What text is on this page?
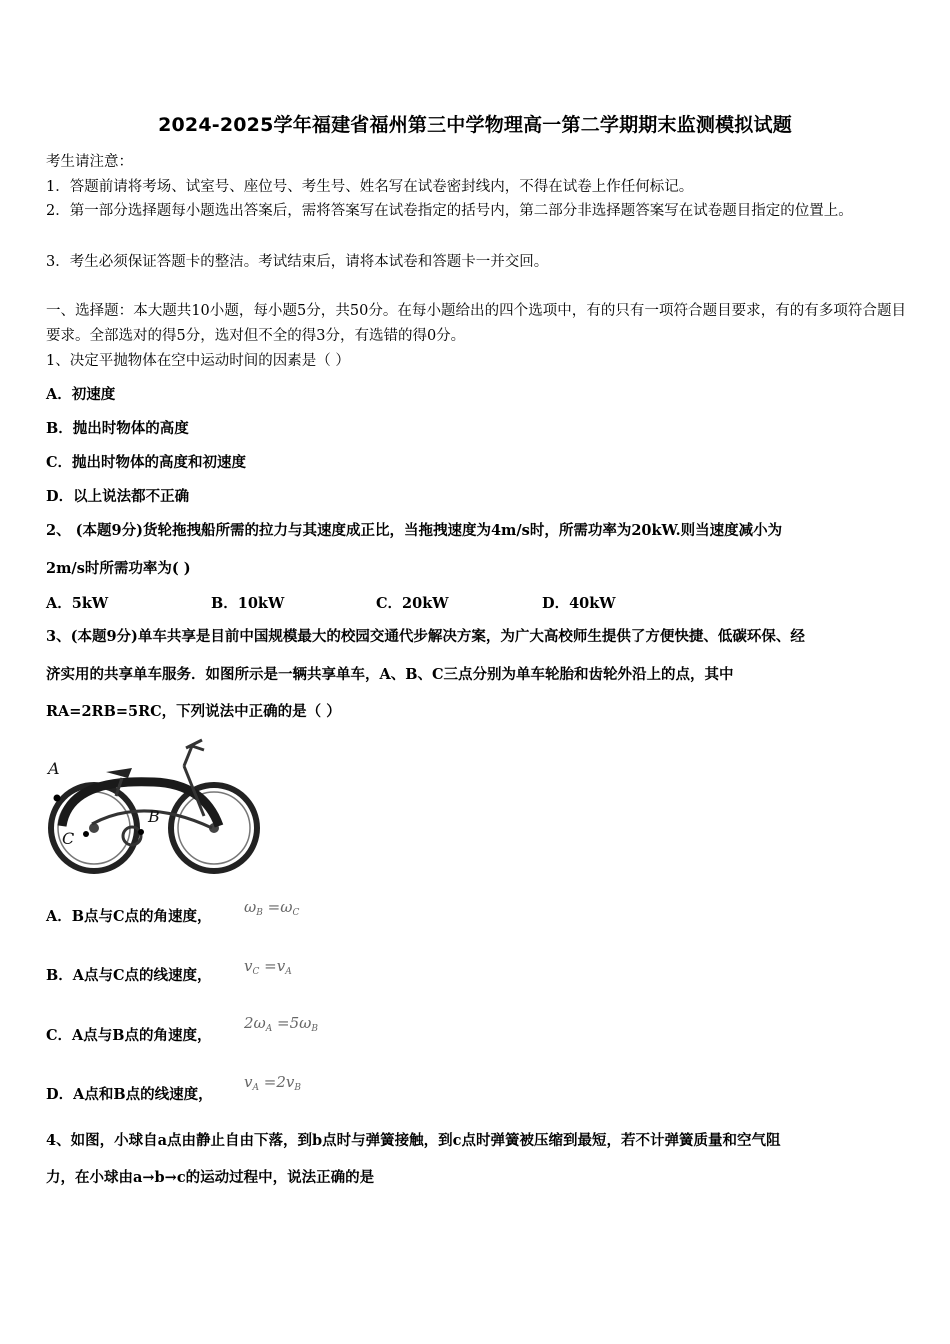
2024-2025学年福建省福州第三中学物理高一第二学期期末监测模拟试题
考生请注意：
1．答题前请将考场、试室号、座位号、考生号、姓名写在试卷密封线内，不得在试卷上作任何标记。
2．第一部分选择题每小题选出答案后，需将答案写在试卷指定的括号内，第二部分非选择题答案写在试卷题目指定的位置上。
3．考生必须保证答题卡的整洁。考试结束后，请将本试卷和答题卡一并交回。
一、选择题：本大题共10小题，每小题5分，共50分。在每小题给出的四个选项中，有的只有一项符合题目要求，有的有多项符合题目要求。全部选对的得5分，选对但不全的得3分，有选错的得0分。
1、决定平抛物体在空中运动时间的因素是（ ）
A．初速度
B．抛出时物体的高度
C．抛出时物体的高度和初速度
D．以上说法都不正确
2、 (本题9分)货轮拖拽船所需的拉力与其速度成正比，当拖拽速度为4m/s时，所需功率为20kW.则当速度减小为
2m/s时所需功率为( )
A．5kW	B．10kW	C．20kW	D．40kW
3、(本题9分)单车共享是目前中国规模最大的校园交通代步解决方案，为广大高校师生提供了方便快捷、低碳环保、经
济实用的共享单车服务．如图所示是一辆共享单车，A、B、C三点分别为单车轮胎和齿轮外沿上的点，其中
RA=2RB=5RC，下列说法中正确的是（ ）
A
B
C
A．B点与C点的角速度，
$\omega_B =\omega_C$
B．A点与C点的线速度，
$v_C =v_A$
C．A点与B点的角速度，
$2\omega_A =5\omega_B$
D．A点和B点的线速度，
$v_A =2v_B$
4、如图，小球自a点由静止自由下落，到b点时与弹簧接触，到c点时弹簧被压缩到最短，若不计弹簧质量和空气阻
力，在小球由a→b→c的运动过程中，说法正确的是
